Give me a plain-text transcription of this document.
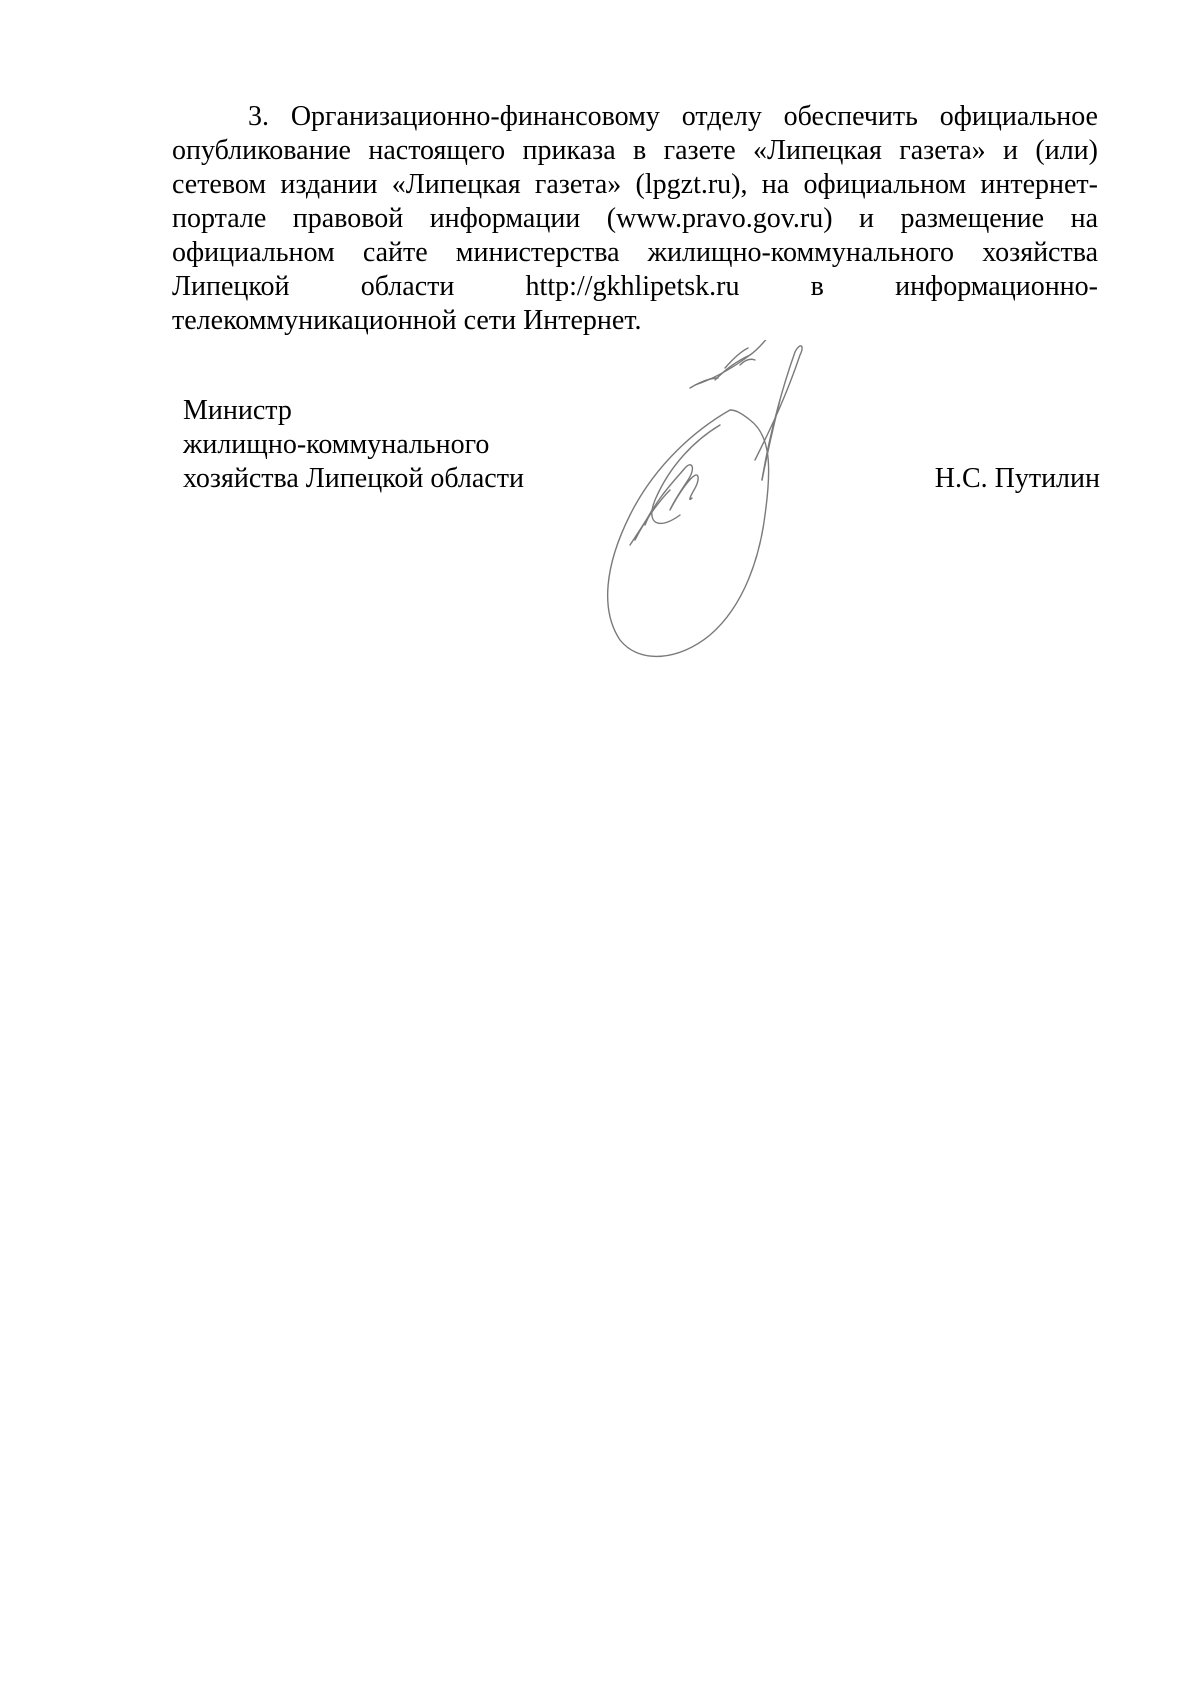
3. Организационно-финансовому отделу обеспечить официальное
опубликование настоящего приказа в газете «Липецкая газета» и (или)
сетевом издании «Липецкая газета» (lpgzt.ru), на официальном интернет-
портале правовой информации (www.pravo.gov.ru) и размещение на
официальном сайте министерства жилищно-коммунального хозяйства
Липецкой области http://gkhlipetsk.ru в информационно-
телекоммуникационной сети Интернет.
Министр
жилищно-коммунального
хозяйства Липецкой области	Н.С. Путилин
